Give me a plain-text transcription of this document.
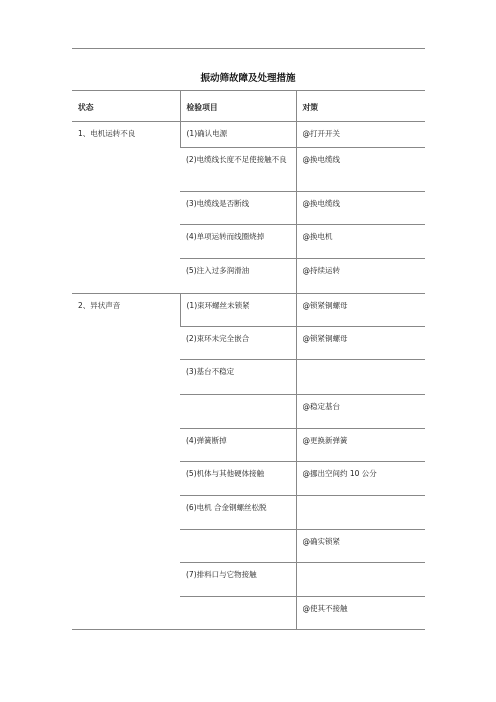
振动筛故障及处理措施
状态	检验项目	对策
1、电机运转不良	(1)确认电源	@打开开关
	(2)电缆线长度不足使接触不良	@换电缆线
	(3)电缆线是否断线	@换电缆线
	(4)单项运转而线圈烧掉	@换电机
	(5)注入过多润滑油	@持续运转
2、异状声音	(1)束环螺丝未锁紧	@锁紧铜螺母
	(2)束环未完全嵌合	@锁紧铜螺母
	(3)基台不稳定	
		@稳定基台
	(4)弹簧断掉	@更换新弹簧
	(5)机体与其他硬体接触	@挪出空间约 10 公分
	(6)电机 合金钢螺丝松脱	
		@确实锁紧
	(7)排料口与它物接触	
		@使其不接触
